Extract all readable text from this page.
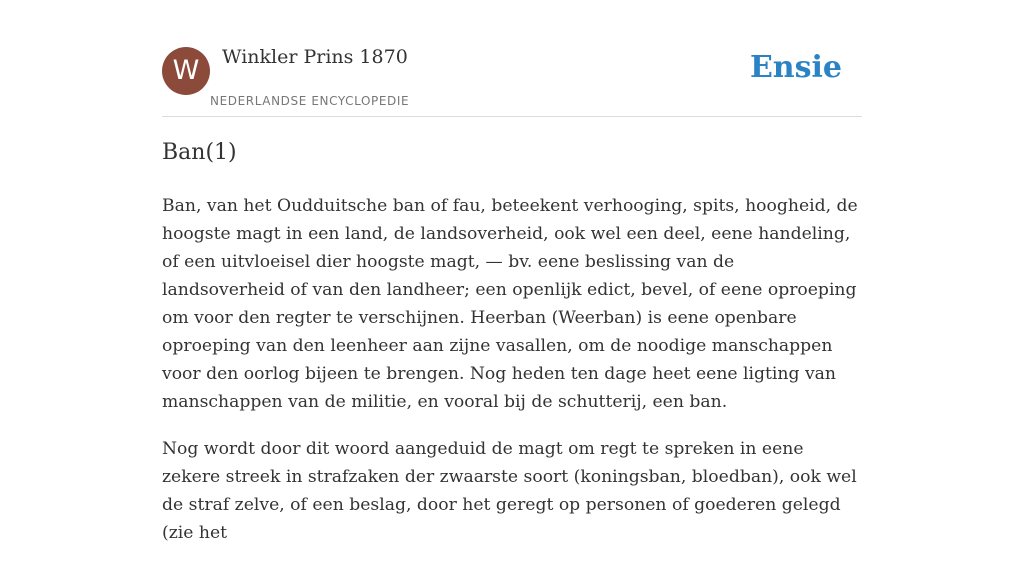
W	Winkler Prins 1870
NEDERLANDSE ENCYCLOPEDIE
Ensie
Ban(1)

Ban, van het Oudduitsche ban of fau, beteekent verhooging, spits, hoogheid, de hoogste magt in een land, de landsoverheid, ook wel een deel, eene handeling, of een uitvloeisel dier hoogste magt, — bv. eene beslissing van de landsoverheid of van den landheer; een openlijk edict, bevel, of eene oproeping om voor den regter te verschijnen. Heerban (Weerban) is eene openbare oproeping van den leenheer aan zijne vasallen, om de noodige manschappen voor den oorlog bijeen te brengen. Nog heden ten dage heet eene ligting van manschappen van de militie, en vooral bij de schutterij, een ban.

Nog wordt door dit woord aangeduid de magt om regt te spreken in eene zekere streek in strafzaken der zwaarste soort (koningsban, bloedban), ook wel de straf zelve, of een beslag, door het geregt op personen of goederen gelegd (zie het
